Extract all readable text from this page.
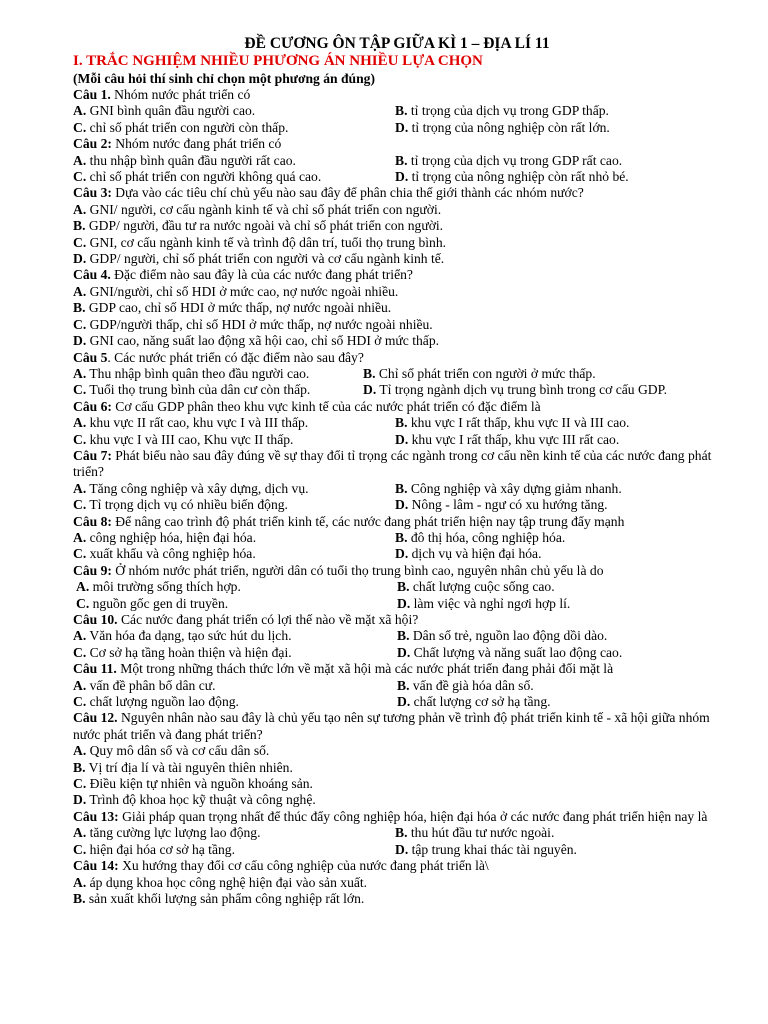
ĐỀ CƯƠNG ÔN TẬP GIỮA KÌ 1 – ĐỊA LÍ 11
I. TRẮC NGHIỆM NHIỀU PHƯƠNG ÁN NHIỀU LỰA CHỌN
(Mỗi câu hỏi thí sinh chỉ chọn một phương án đúng)
Câu 1. Nhóm nước phát triển có
A. GNI bình quân đầu người cao.	B. tỉ trọng của dịch vụ trong GDP thấp.
C. chỉ số phát triển con người còn thấp.	D. tỉ trọng của nông nghiệp còn rất lớn.
Câu 2: Nhóm nước đang phát triển có
A. thu nhập bình quân đầu người rất cao.	B. tỉ trọng của dịch vụ trong GDP rất cao.
C. chỉ số phát triển con người không quá cao.	D. tỉ trọng của nông nghiệp còn rất nhỏ bé.
Câu 3: Dựa vào các tiêu chí chủ yếu nào sau đây để phân chia thế giới thành các nhóm nước?
A. GNI/ người, cơ cấu ngành kinh tế và chỉ số phát triển con người.
B. GDP/ người, đầu tư ra nước ngoài và chỉ số phát triển con người.
C. GNI, cơ cấu ngành kinh tế và trình độ dân trí, tuổi thọ trung bình.
D. GDP/ người, chỉ số phát triển con người và cơ cấu ngành kinh tế.
Câu 4. Đặc điểm nào sau đây là của các nước đang phát triển?
A. GNI/người, chỉ số HDI ở mức cao, nợ nước ngoài nhiều.
B. GDP cao, chỉ số HDI ở mức thấp, nợ nước ngoài nhiều.
C. GDP/người thấp, chỉ số HDI ở mức thấp, nợ nước ngoài nhiều.
D. GNI cao, năng suất lao động xã hội cao, chỉ số HDI ở mức thấp.
Câu 5. Các nước phát triển có đặc điểm nào sau đây?
A. Thu nhập bình quân theo đầu người cao.	B. Chỉ số phát triển con người ở mức thấp.
C. Tuổi thọ trung bình của dân cư còn thấp.	D. Tỉ trọng ngành dịch vụ trung bình trong cơ cấu GDP.
Câu 6: Cơ cấu GDP phân theo khu vực kinh tế của các nước phát triển có đặc điểm là
A. khu vực II rất cao, khu vực I và III thấp.	B. khu vực I rất thấp, khu vực II và III cao.
C. khu vực I và III cao, Khu vực II thấp.	D. khu vực I rất thấp, khu vực III rất cao.
Câu 7: Phát biểu nào sau đây đúng về sự thay đổi tỉ trọng các ngành trong cơ cấu nền kinh tế của các nước đang phát triển?
A. Tăng công nghiệp và xây dựng, dịch vụ.	B. Công nghiệp và xây dựng giảm nhanh.
C. Tỉ trọng dịch vụ có nhiều biến động.	D. Nông - lâm - ngư có xu hướng tăng.
Câu 8: Để nâng cao trình độ phát triển kinh tế, các nước đang phát triển hiện nay tập trung đẩy mạnh
A. công nghiệp hóa, hiện đại hóa.	B. đô thị hóa, công nghiệp hóa.
C. xuất khẩu và công nghiệp hóa.	D. dịch vụ và hiện đại hóa.
Câu 9: Ở nhóm nước phát triển, người dân có tuổi thọ trung bình cao, nguyên nhân chủ yếu là do
A. môi trường sống thích hợp.	B. chất lượng cuộc sống cao.
C. nguồn gốc gen di truyền.	D. làm việc và nghỉ ngơi hợp lí.
Câu 10. Các nước đang phát triển có lợi thế nào về mặt xã hội?
A. Văn hóa đa dạng, tạo sức hút du lịch.	B. Dân số trẻ, nguồn lao động dồi dào.
C. Cơ sở hạ tầng hoàn thiện và hiện đại.	D. Chất lượng và năng suất lao động cao.
Câu 11. Một trong những thách thức lớn về mặt xã hội mà các nước phát triển đang phải đối mặt là
A. vấn đề phân bố dân cư.	B. vấn đề già hóa dân số.
C. chất lượng nguồn lao động.	D. chất lượng cơ sở hạ tầng.
Câu 12. Nguyên nhân nào sau đây là chủ yếu tạo nên sự tương phản về trình độ phát triển kinh tế - xã hội giữa nhóm nước phát triển và đang phát triển?
A. Quy mô dân số và cơ cấu dân số.
B. Vị trí địa lí và tài nguyên thiên nhiên.
C. Điều kiện tự nhiên và nguồn khoáng sản.
D. Trình độ khoa học kỹ thuật và công nghệ.
Câu 13: Giải pháp quan trọng nhất để thúc đẩy công nghiệp hóa, hiện đại hóa ở các nước đang phát triển hiện nay là
A. tăng cường lực lượng lao động.	B. thu hút đầu tư nước ngoài.
C. hiện đại hóa cơ sở hạ tầng.	D. tập trung khai thác tài nguyên.
Câu 14: Xu hướng thay đổi cơ cấu công nghiệp của nước đang phát triển là\
A. áp dụng khoa học công nghệ hiện đại vào sản xuất.
B. sản xuất khối lượng sản phẩm công nghiệp rất lớn.
